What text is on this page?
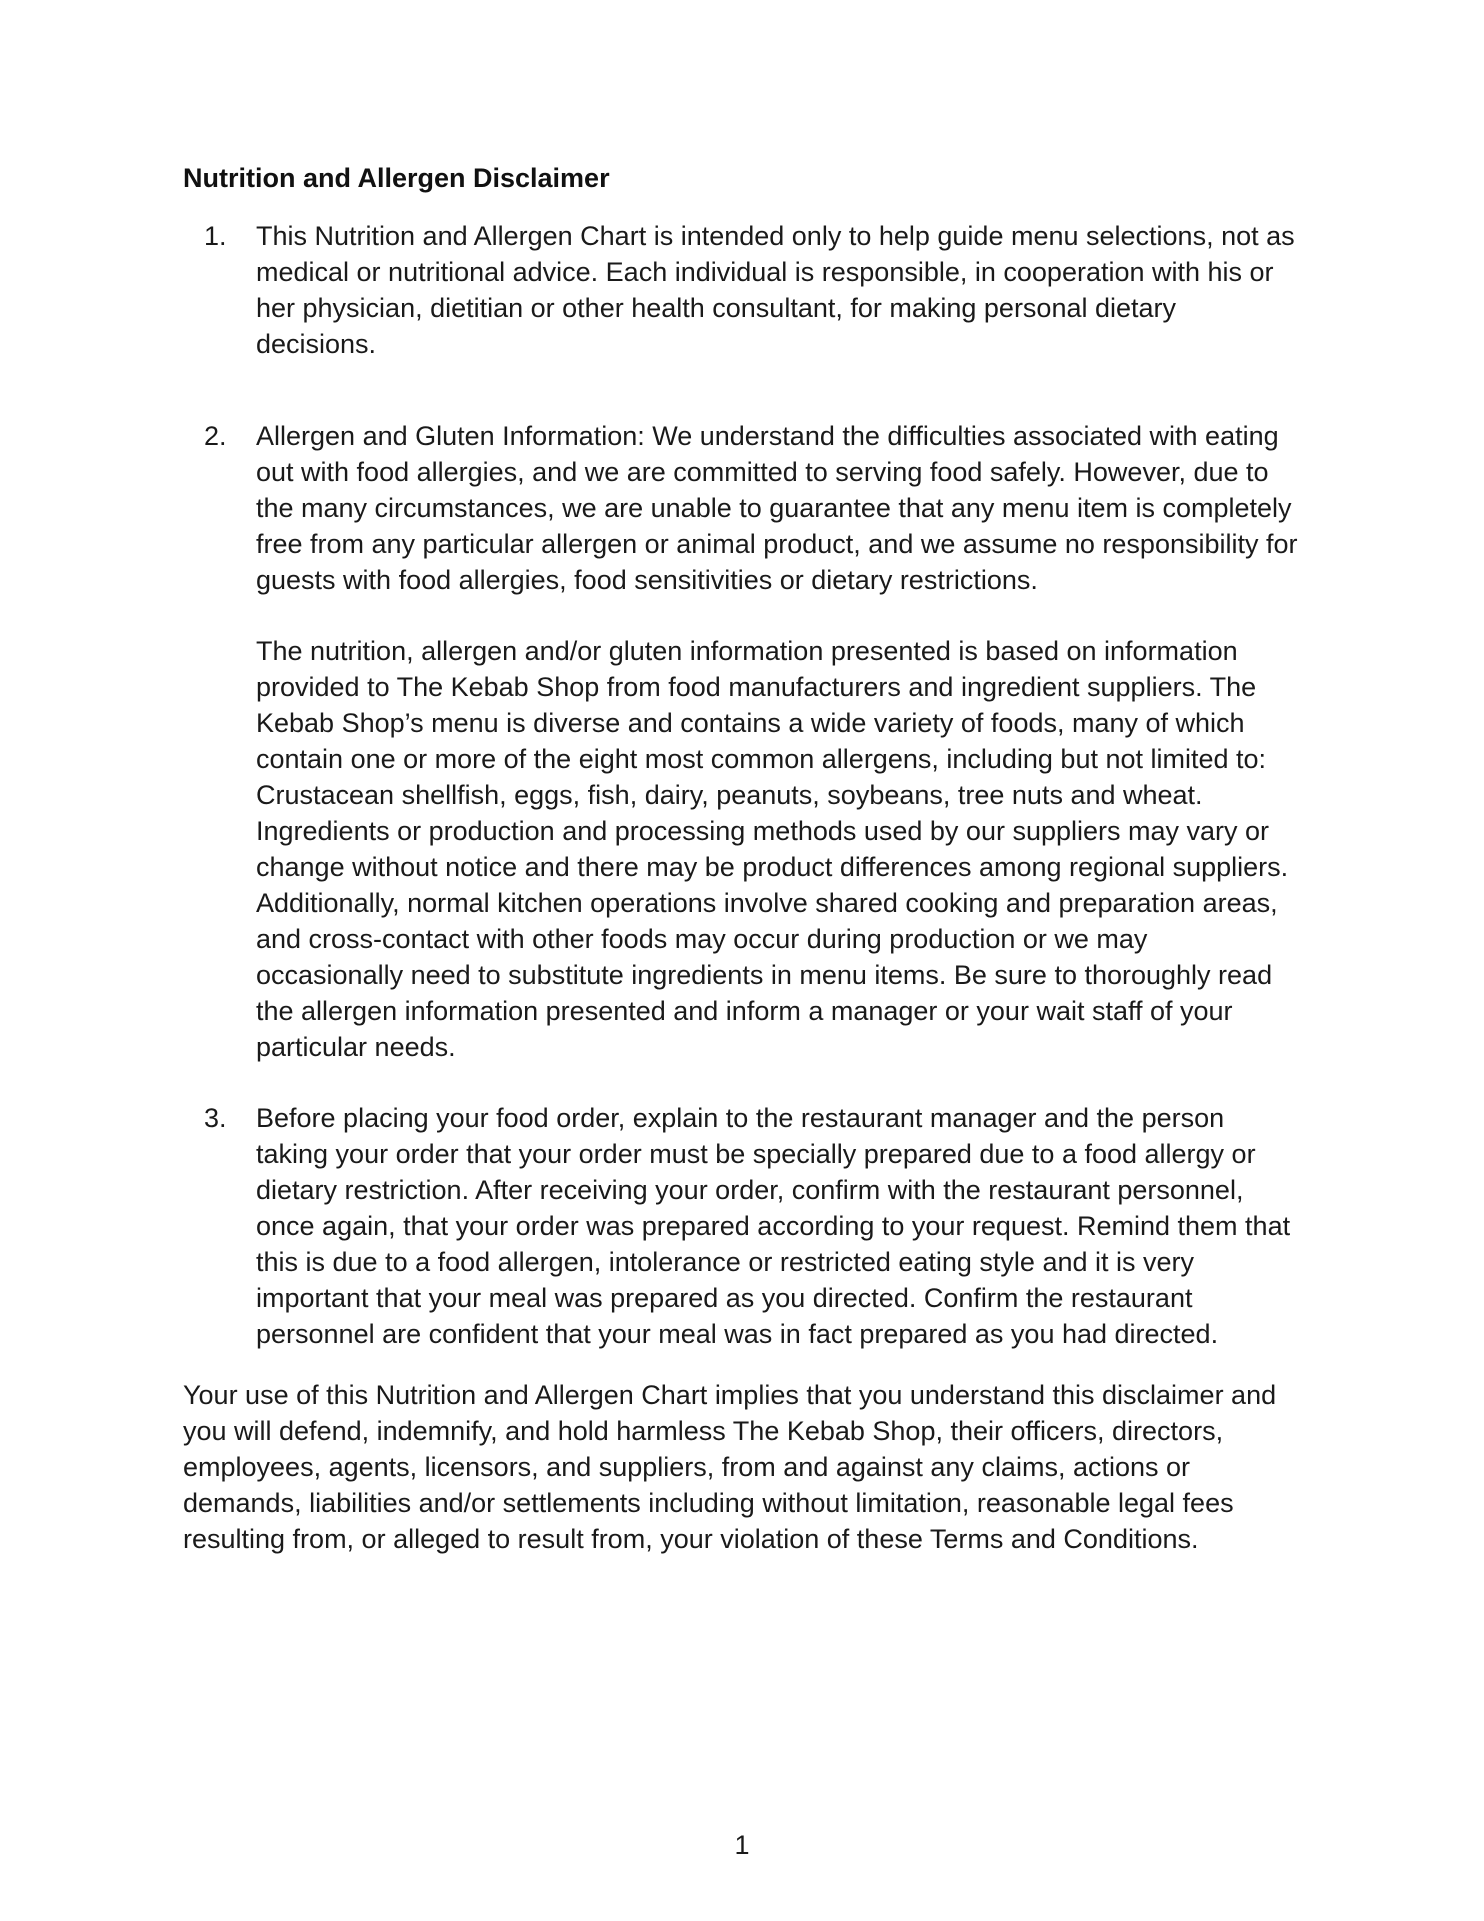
Nutrition and Allergen Disclaimer
1.	This Nutrition and Allergen Chart is intended only to help guide menu selections, not as medical or nutritional advice. Each individual is responsible, in cooperation with his or her physician, dietitian or other health consultant, for making personal dietary decisions.

2.	Allergen and Gluten Information: We understand the difficulties associated with eating out with food allergies, and we are committed to serving food safely. However, due to the many circumstances, we are unable to guarantee that any menu item is completely free from any particular allergen or animal product, and we assume no responsibility for guests with food allergies, food sensitivities or dietary restrictions.

The nutrition, allergen and/or gluten information presented is based on information provided to The Kebab Shop from food manufacturers and ingredient suppliers. The Kebab Shop’s menu is diverse and contains a wide variety of foods, many of which contain one or more of the eight most common allergens, including but not limited to: Crustacean shellfish, eggs, fish, dairy, peanuts, soybeans, tree nuts and wheat. Ingredients or production and processing methods used by our suppliers may vary or change without notice and there may be product differences among regional suppliers. Additionally, normal kitchen operations involve shared cooking and preparation areas, and cross-contact with other foods may occur during production or we may occasionally need to substitute ingredients in menu items. Be sure to thoroughly read the allergen information presented and inform a manager or your wait staff of your particular needs.

3.	Before placing your food order, explain to the restaurant manager and the person taking your order that your order must be specially prepared due to a food allergy or dietary restriction. After receiving your order, confirm with the restaurant personnel, once again, that your order was prepared according to your request. Remind them that this is due to a food allergen, intolerance or restricted eating style and it is very important that your meal was prepared as you directed. Confirm the restaurant personnel are confident that your meal was in fact prepared as you had directed.

Your use of this Nutrition and Allergen Chart implies that you understand this disclaimer and you will defend, indemnify, and hold harmless The Kebab Shop, their officers, directors, employees, agents, licensors, and suppliers, from and against any claims, actions or demands, liabilities and/or settlements including without limitation, reasonable legal fees resulting from, or alleged to result from, your violation of these Terms and Conditions.

1
